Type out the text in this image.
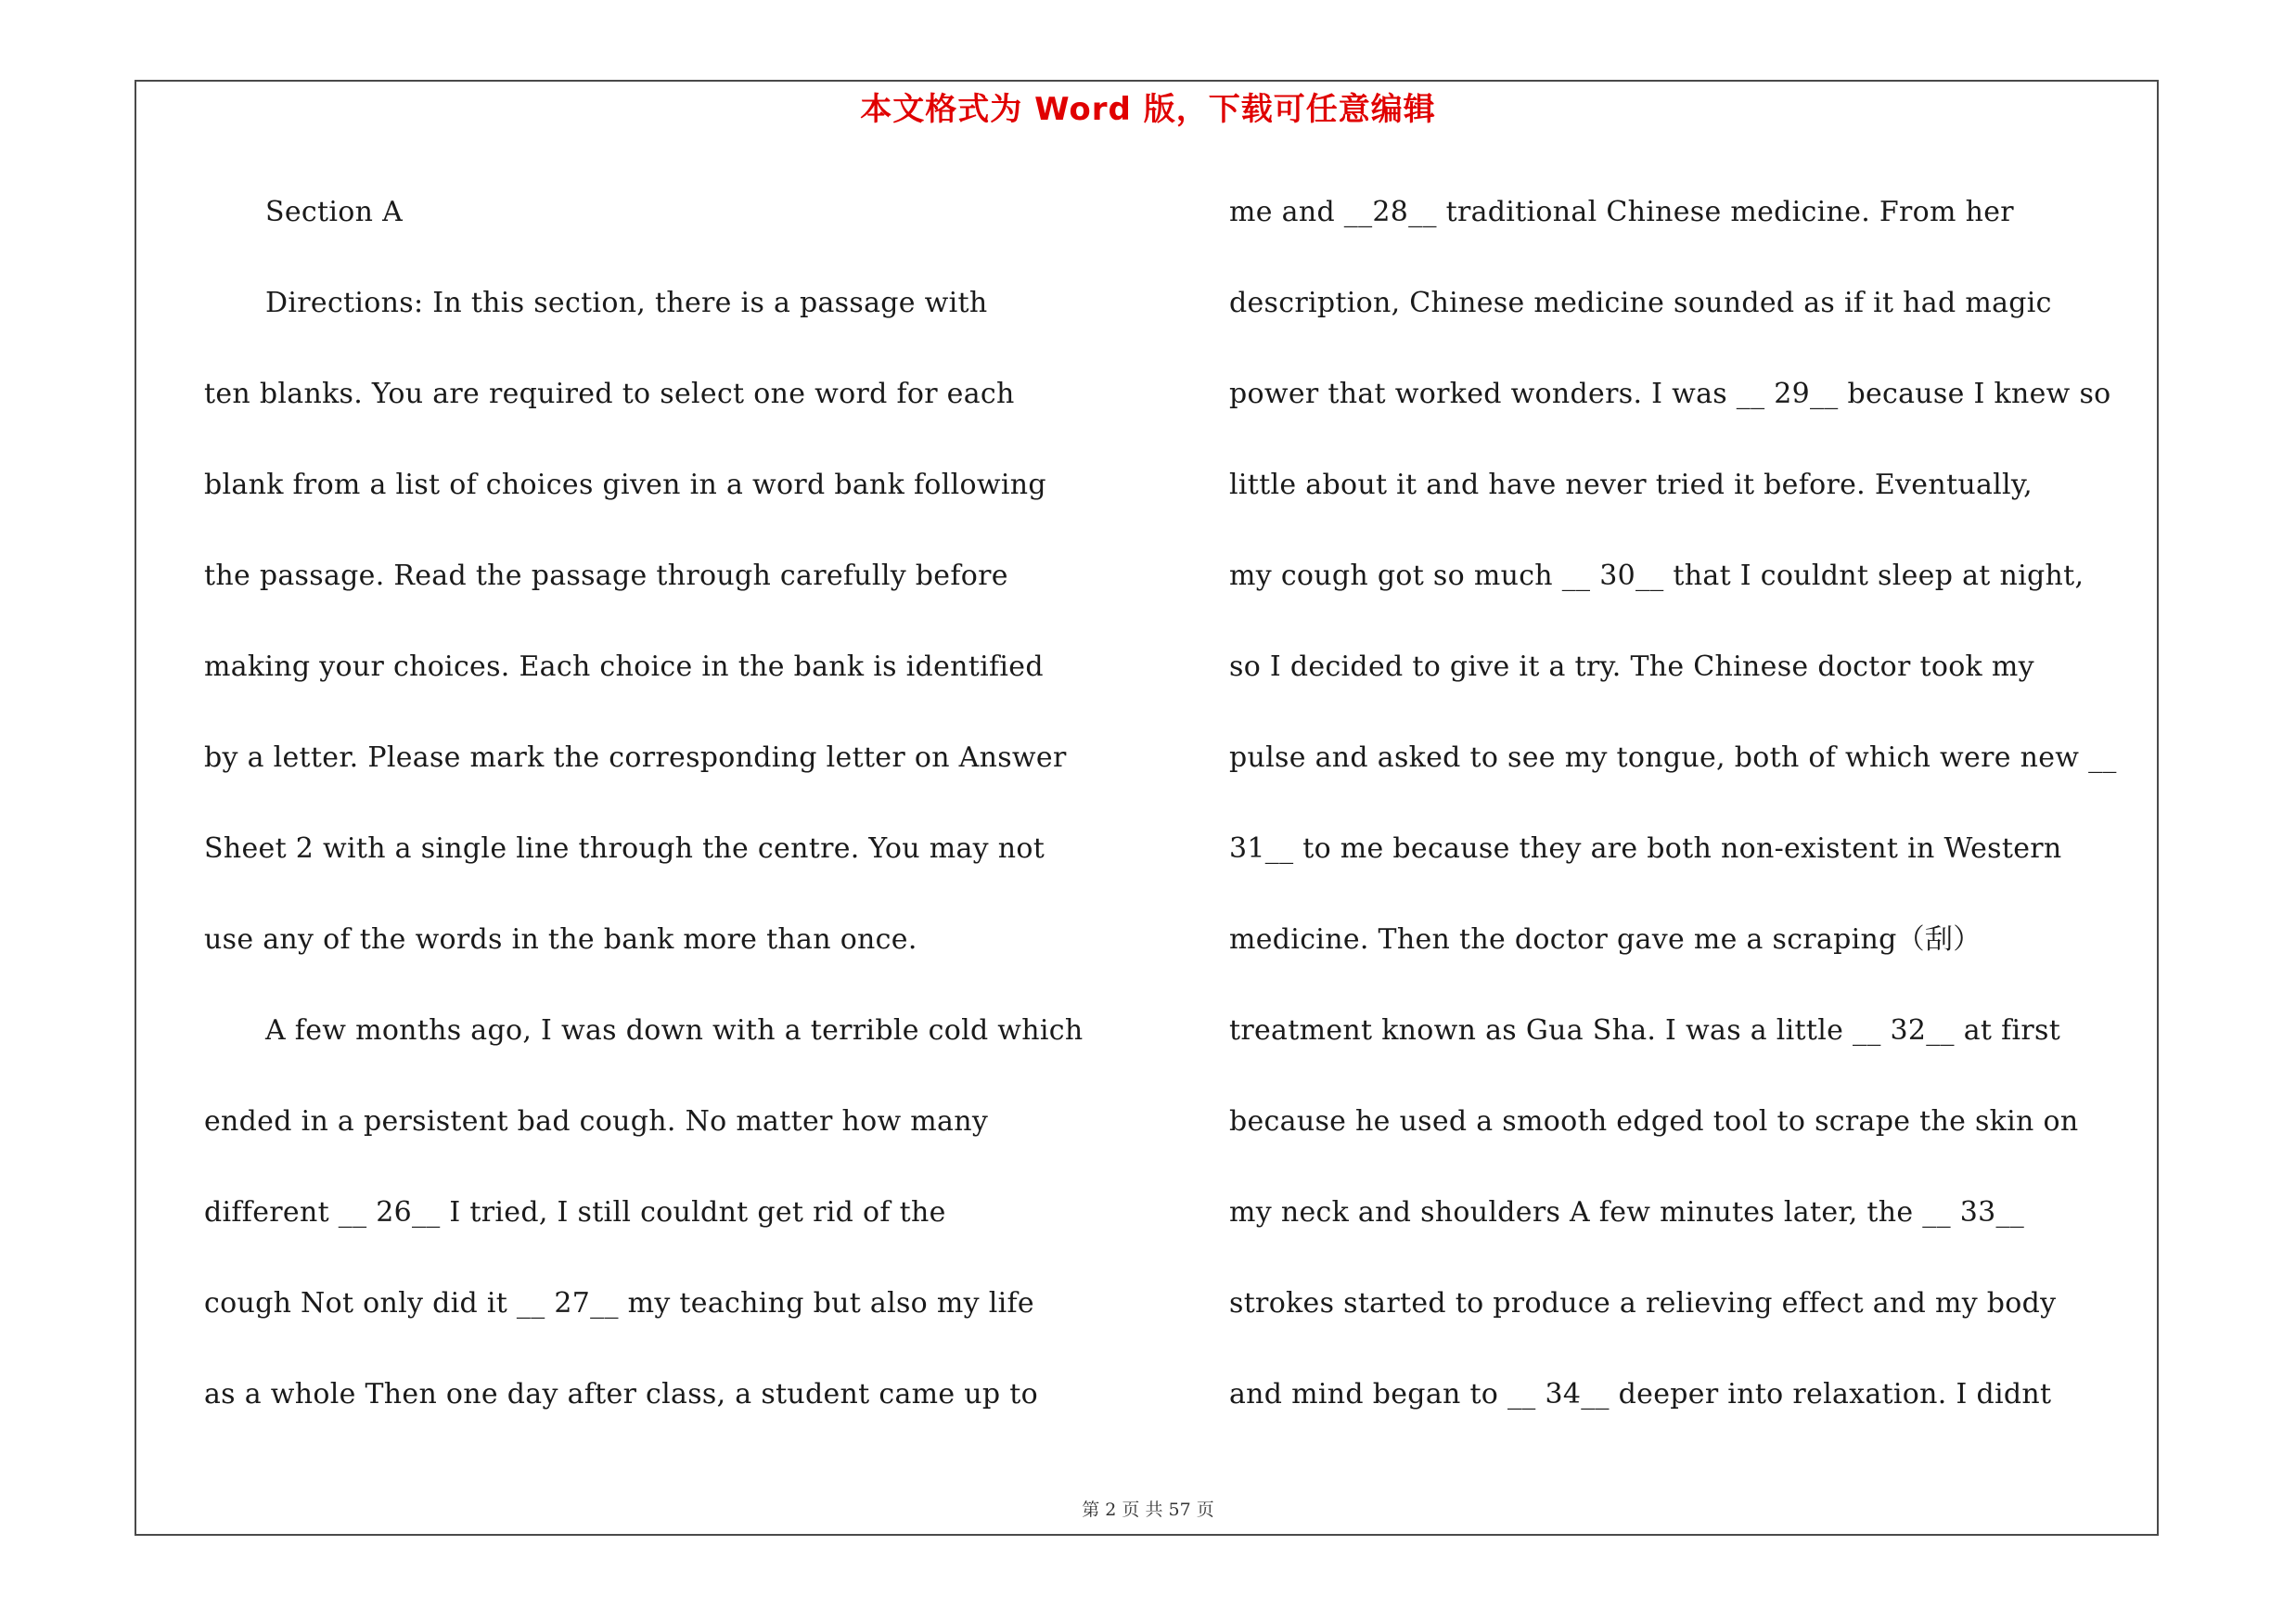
本文格式为 Word 版，下载可任意编辑
Section A
Directions: In this section, there is a passage with
ten blanks. You are required to select one word for each
blank from a list of choices given in a word bank following
the passage. Read the passage through carefully before
making your choices. Each choice in the bank is identified
by a letter. Please mark the corresponding letter on Answer
Sheet 2 with a single line through the centre. You may not
use any of the words in the bank more than once.
A few months ago, I was down with a terrible cold which
ended in a persistent bad cough. No matter how many
different __ 26__ I tried, I still couldnt get rid of the
cough Not only did it __ 27__ my teaching but also my life
as a whole Then one day after class, a student came up to
me and __28__ traditional Chinese medicine. From her
description, Chinese medicine sounded as if it had magic
power that worked wonders. I was __ 29__ because I knew so
little about it and have never tried it before. Eventually,
my cough got so much __ 30__ that I couldnt sleep at night,
so I decided to give it a try. The Chinese doctor took my
pulse and asked to see my tongue, both of which were new __
31__ to me because they are both non-existent in Western
medicine. Then the doctor gave me a scraping（刮）
treatment known as Gua Sha. I was a little __ 32__ at first
because he used a smooth edged tool to scrape the skin on
my neck and shoulders A few minutes later, the __ 33__
strokes started to produce a relieving effect and my body
and mind began to __ 34__ deeper into relaxation. I didnt
第 2 页 共 57 页
